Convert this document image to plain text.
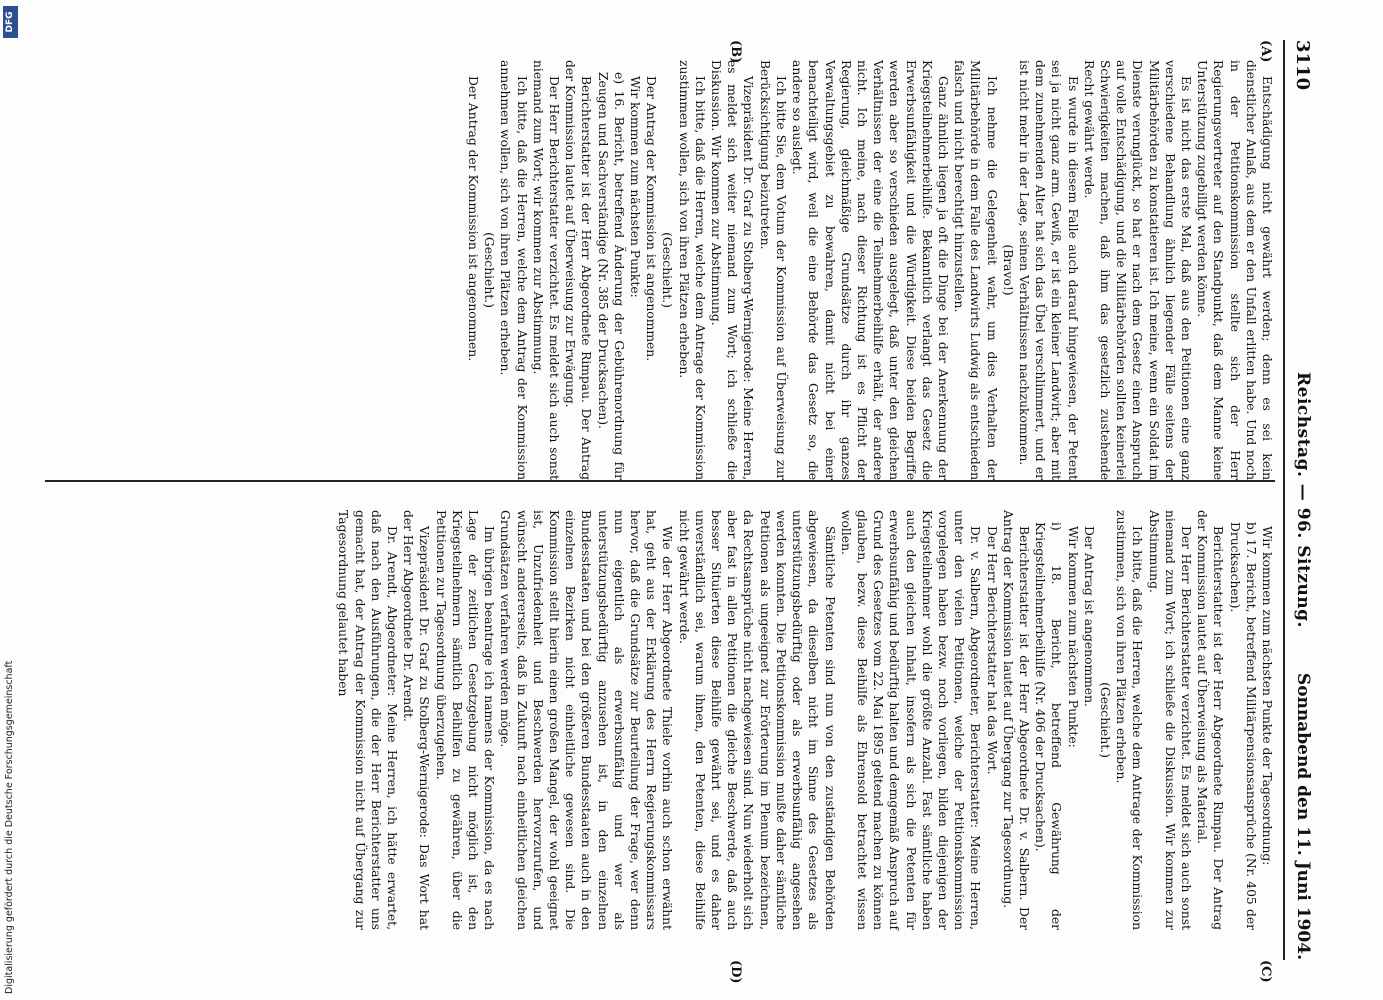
3110
Reichstag. — 96. Sitzung.
Sonnabend den 11. Juni 1904.
(A)
(B)
(C)
(D)

Entschädigung nicht gewährt werden; denn es sei kein dienstlicher Anlaß, aus dem er den Unfall erlitten habe. Und noch in der Petitionskommission stellte sich der Herr Regierungsvertreter auf den Standpunkt, daß dem Manne keine Unterstützung zugebilligt werden könne.

Es ist nicht das erste Mal, daß aus den Petitionen eine ganz verschiedene Behandlung ähnlich liegender Fälle seitens der Militärbehörden zu konstatieren ist. Ich meine, wenn ein Soldat im Dienste verunglückt, so hat er nach dem Gesetz einen Anspruch auf volle Entschädigung, und die Militärbehörden sollten keinerlei Schwierigkeiten machen, daß ihm das gesetzlich zustehende Recht gewährt werde.

Es wurde in diesem Falle auch darauf hingewiesen, der Petent sei ja nicht ganz arm. Gewiß, er ist ein kleiner Landwirt; aber mit dem zunehmenden Alter hat sich das Übel verschlimmert, und er ist nicht mehr in der Lage, seinen Verhältnissen nachzukommen.

(Bravo!)

Ich nehme die Gelegenheit wahr, um dies Verhalten der Militärbehörde in dem Falle des Landwirts Ludwig als entschieden falsch und nicht berechtigt hinzustellen.

Ganz ähnlich liegen ja oft die Dinge bei der Anerkennung der Kriegsteilnehmerbeihilfe. Bekanntlich verlangt das Gesetz die Erwerbsunfähigkeit und die Würdigkeit. Diese beiden Begriffe werden aber so verschieden ausgelegt, daß unter den gleichen Verhältnissen der eine die Teilnehmerbeihilfe erhält, der andere nicht. Ich meine, nach dieser Richtung ist es Pflicht der Regierung, gleichmäßige Grundsätze durch ihr ganzes Verwaltungsgebiet zu bewahren, damit nicht bei einer benachteiligt wird, weil die eine Behörde das Gesetz so, die andere so auslegt.

Ich bitte Sie, dem Votum der Kommission auf Überweisung zur Berücksichtigung beizutreten.

Vizepräsident Dr. Graf zu Stolberg-Wernigerode: Meine Herren, es meldet sich weiter niemand zum Wort; ich schließe die Diskussion. Wir kommen zur Abstimmung.

Ich bitte, daß die Herren, welche dem Antrage der Kommission zustimmen wollen, sich von ihren Plätzen erheben.

(Geschieht.)

Der Antrag der Kommission ist angenommen.

Wir kommen zum nächsten Punkte:

e) 16. Bericht, betreffend Änderung der Gebührenordnung für Zeugen und Sachverständige (Nr. 385 der Drucksachen).

Berichterstatter ist der Herr Abgeordnete Rimpau. Der Antrag der Kommission lautet auf Überweisung zur Erwägung.

Der Herr Berichterstatter verzichtet. Es meldet sich auch sonst niemand zum Wort; wir kommen zur Abstimmung.

Ich bitte, daß die Herren, welche dem Antrag der Kommission annehmen wollen, sich von ihren Plätzen erheben.

(Geschieht.)

Der Antrag der Kommission ist angenommen.

Wir kommen zum nächsten Punkte der Tagesordnung:

b) 17. Bericht, betreffend Militärpensionsansprüche (Nr. 405 der Drucksachen).

Berichterstatter ist der Herr Abgeordnete Rimpau. Der Antrag der Kommission lautet auf Überweisung als Material.

Der Herr Berichterstatter verzichtet. Es meldet sich auch sonst niemand zum Wort; ich schließe die Diskussion. Wir kommen zur Abstimmung.

Ich bitte, daß die Herren, welche dem Antrage der Kommission zustimmen, sich von ihren Plätzen erheben.

(Geschieht.)

Der Antrag ist angenommen.

Wir kommen zum nächsten Punkte:

i) 18. Bericht, betreffend Gewährung der Kriegsteilnehmerbeihilfe (Nr. 406 der Drucksachen).

Berichterstatter ist der Herr Abgeordnete Dr. v. Salbern. Der Antrag der Kommission lautet auf Übergang zur Tagesordnung.

Der Herr Berichterstatter hat das Wort.

Dr. v. Salbern, Abgeordneter, Berichterstatter: Meine Herren, unter den vielen Petitionen, welche der Petitionskommission vorgelegen haben bezw. noch vorliegen, bilden diejenigen der Kriegsteilnehmer wohl die größte Anzahl. Fast sämtliche haben auch den gleichen Inhalt, insofern als sich die Petenten für erwerbsunfähig und bedürftig halten und demgemäß Anspruch auf Grund des Gesetzes vom 22. Mai 1895 geltend machen zu können glauben, bezw. diese Beihilfe als Ehrensold betrachtet wissen wollen.

Sämtliche Petenten sind nun von den zuständigen Behörden abgewiesen, da dieselben nicht im Sinne des Gesetzes als unterstützungsbedürftig oder als erwerbsunfähig angesehen werden konnten. Die Petitionskommission mußte daher sämtliche Petitionen als ungeeignet zur Erörterung im Plenum bezeichnen, da Rechtsansprüche nicht nachgewiesen sind. Nun wiederholt sich aber fast in allen Petitionen die gleiche Beschwerde, daß auch besser Situierten diese Beihilfe gewährt sei, und es daher unverständlich sei, warum ihnen, den Petenten, diese Beihilfe nicht gewährt werde.

Wie der Herr Abgeordnete Thiele vorhin auch schon erwähnt hat, geht aus der Erklärung des Herrn Regierungskommissars hervor, daß die Grundsätze zur Beurteilung der Frage, wer denn nun eigentlich als erwerbsunfähig und wer als unterstützungsbedürftig anzusehen ist, in den einzelnen Bundesstaaten und bei den größeren Bundesstaaten auch in den einzelnen Bezirken nicht einheitliche gewesen sind. Die Kommission stellt hierin einen großen Mangel, der wohl geeignet ist, Unzufriedenheit und Beschwerden hervorzurufen, und wünscht andererseits, daß in Zukunft nach einheitlichen gleichen Grundsätzen verfahren werden möge.

Im übrigen beantrage ich namens der Kommission, da es nach Lage der zeitlichen Gesetzgebung nicht möglich ist, den Kriegsteilnehmern sämtlich Beihilfen zu gewähren, über die Petitionen zur Tagesordnung überzugehen.

Vizepräsident Dr. Graf zu Stolberg-Wernigerode: Das Wort hat der Herr Abgeordnete Dr. Arendt.

Dr. Arendt, Abgeordneter: Meine Herren, ich hätte erwartet, daß nach den Ausführungen, die der Herr Berichterstatter uns gemacht hat, der Antrag der Kommission nicht auf Übergang zur Tagesordnung gelautet haben

Digitalisierung gefördert durch die Deutsche Forschungsgemeinschaft
DFG
